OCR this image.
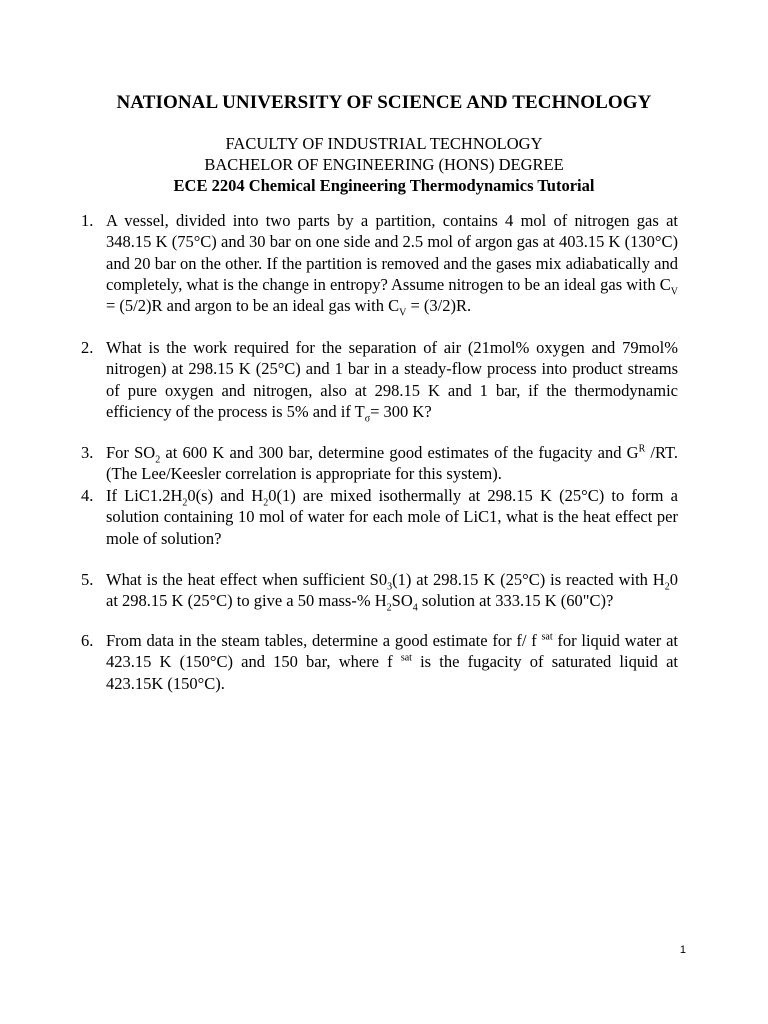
NATIONAL UNIVERSITY OF SCIENCE AND TECHNOLOGY
FACULTY OF INDUSTRIAL TECHNOLOGY
BACHELOR OF ENGINEERING (HONS) DEGREE
ECE 2204 Chemical Engineering Thermodynamics Tutorial
1. A vessel, divided into two parts by a partition, contains 4 mol of nitrogen gas at 348.15 K (75°C) and 30 bar on one side and 2.5 mol of argon gas at 403.15 K (130°C) and 20 bar on the other. If the partition is removed and the gases mix adiabatically and completely, what is the change in entropy? Assume nitrogen to be an ideal gas with $C_V = (5/2)R$ and argon to be an ideal gas with $C_V = (3/2)R$.

2. What is the work required for the separation of air (21mol% oxygen and 79mol% nitrogen) at 298.15 K (25°C) and 1 bar in a steady-flow process into product streams of pure oxygen and nitrogen, also at 298.15 K and 1 bar, if the thermodynamic efficiency of the process is 5% and if $T_\sigma= 300$ K?

3. For $SO_2$ at 600 K and 300 bar, determine good estimates of the fugacity and $G^R$ /RT. (The Lee/Keesler correlation is appropriate for this system).

4. If $LiC1.2H_20(s)$ and $H_20(1)$ are mixed isothermally at 298.15 K (25°C) to form a solution containing 10 mol of water for each mole of LiC1, what is the heat effect per mole of solution?

5. What is the heat effect when sufficient $S0_3(1)$ at 298.15 K (25°C) is reacted with $H_20$ at 298.15 K (25°C) to give a 50 mass-% $H_2SO_4$ solution at 333.15 K (60"C)?

6. From data in the steam tables, determine a good estimate for f/ f $^{sat}$ for liquid water at 423.15 K (150°C) and 150 bar, where f $^{sat}$ is the fugacity of saturated liquid at 423.15K (150°C).

1
